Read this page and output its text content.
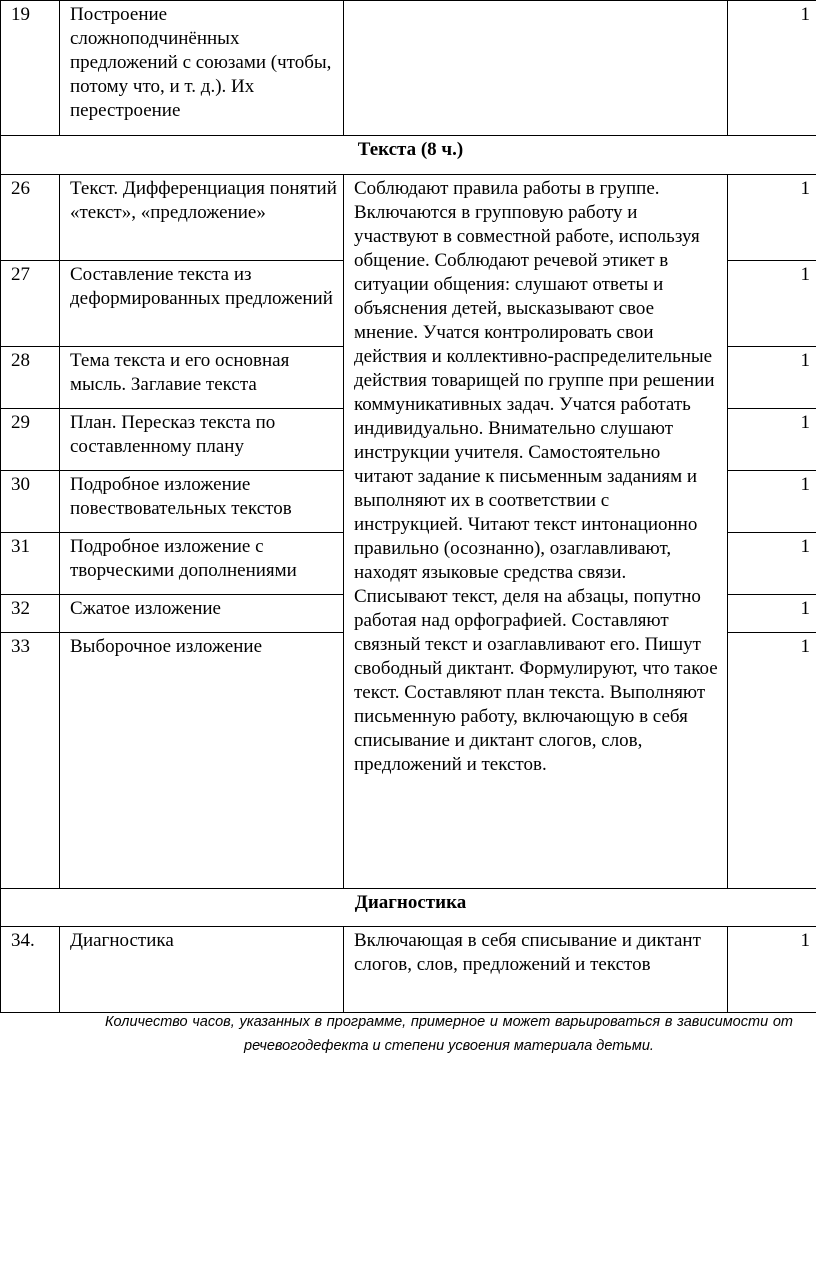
19	Построение сложноподчинённых предложений с союзами (чтобы, потому что, и т. д.). Их перестроение		1
Текста (8 ч.)			
26	Текст. Дифференциация понятий «текст», «предложение»	Соблюдают правила работы в группе. Включаются в групповую работу и участвуют в совместной работе, используя общение. Соблюдают речевой этикет в ситуации общения: слушают ответы и объяснения детей, высказывают свое мнение. Учатся контролировать свои действия и коллективно-распределительные действия товарищей по группе при решении коммуникативных задач. Учатся работать индивидуально. Внимательно слушают инструкции учителя. Самостоятельно читают задание к письменным заданиям и выполняют их в соответствии с инструкцией. Читают текст интонационно правильно (осознанно), озаглавливают, находят языковые средства связи. Списывают текст, деля на абзацы, попутно работая над орфографией. Составляют связный текст и озаглавливают его. Пишут свободный диктант. Формулируют, что такое текст. Составляют план текста. Выполняют письменную работу, включающую в себя списывание и диктант слогов, слов, предложений и текстов.	1
27	Составление текста из деформированных предложений		1
28	Тема текста и его основная мысль. Заглавие текста		1
29	План. Пересказ текста по составленному плану		1
30	Подробное изложение повествовательных текстов		1
31	Подробное изложение с творческими дополнениями		1
32	Сжатое изложение		1
33	Выборочное изложение		1
Диагностика			
34.	Диагностика	Включающая в себя списывание и диктант слогов, слов, предложений и текстов	1
Количество часов, указанных в программе, примерное и может варьироваться в зависимости от речевогодефекта и степени усвоения материала детьми.
